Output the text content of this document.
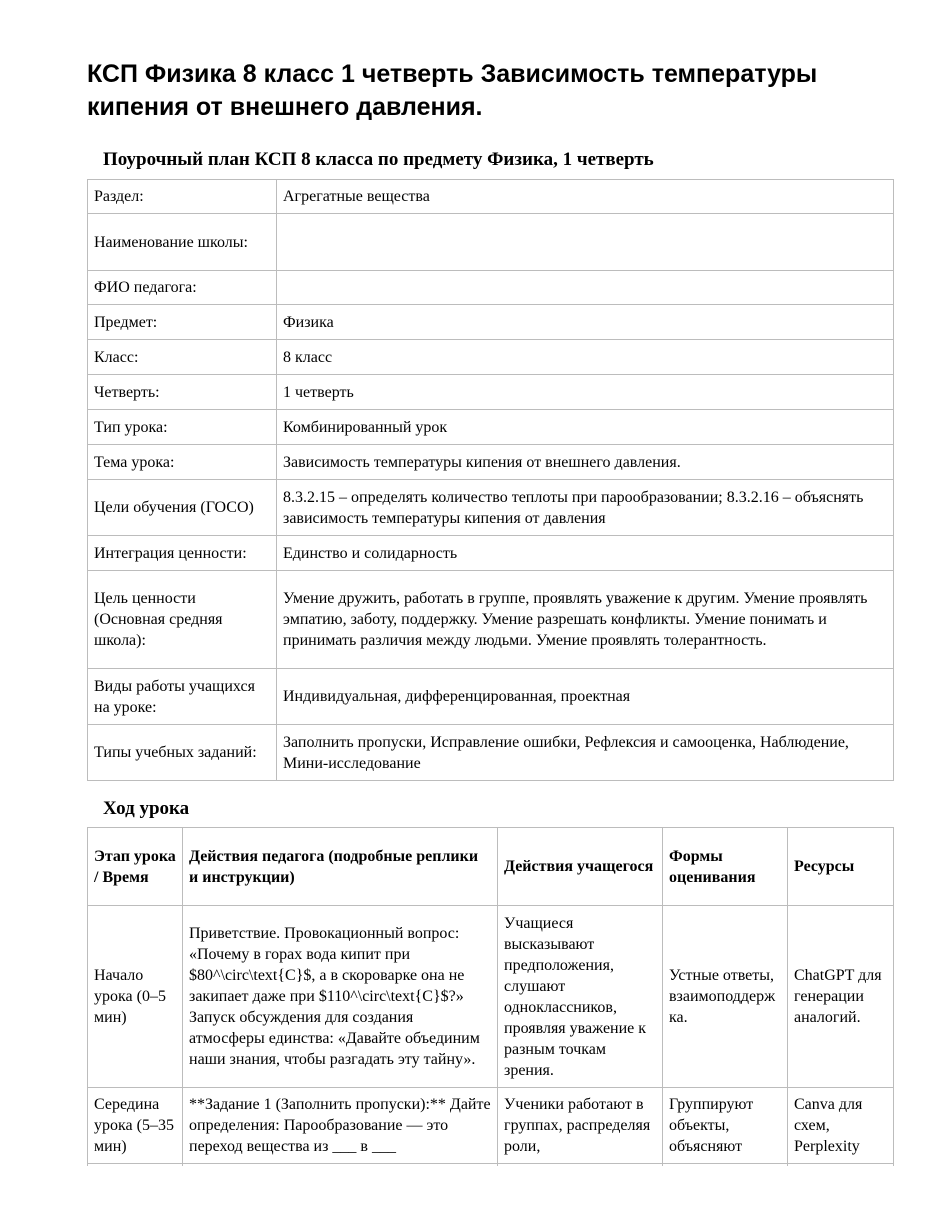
КСП Физика 8 класс 1 четверть Зависимость температуры кипения от внешнего давления.
Поурочный план КСП 8 класса по предмету Физика, 1 четверть
Раздел:	Агрегатные вещества
Наименование школы:	
ФИО педагога:	
Предмет:	Физика
Класс:	8 класс
Четверть:	1 четверть
Тип урока:	Комбинированный урок
Тема урока:	Зависимость температуры кипения от внешнего давления.
Цели обучения (ГОСО)	8.3.2.15 – определять количество теплоты при парообразовании; 8.3.2.16 – объяснять зависимость температуры кипения от давления
Интеграция ценности:	Единство и солидарность
Цель ценности (Основная средняя школа):	Умение дружить, работать в группе, проявлять уважение к другим. Умение проявлять эмпатию, заботу, поддержку. Умение разрешать конфликты. Умение понимать и принимать различия между людьми. Умение проявлять толерантность.
Виды работы учащихся на уроке:	Индивидуальная, дифференцированная, проектная
Типы учебных заданий:	Заполнить пропуски, Исправление ошибки, Рефлексия и самооценка, Наблюдение, Мини-исследование
Ход урока
Этап урока / Время	Действия педагога (подробные реплики и инструкции)	Действия учащегося	Формы оценивания	Ресурсы
Начало урока (0–5 мин)	Приветствие. Провокационный вопрос: «Почему в горах вода кипит при $80^\circ\text{C}$, а в скороварке она не закипает даже при $110^\circ\text{C}$?» Запуск обсуждения для создания атмосферы единства: «Давайте объединим наши знания, чтобы разгадать эту тайну».	Учащиеся высказывают предположения, слушают одноклассников, проявляя уважение к разным точкам зрения.	Устные ответы, взаимоподдержка.	ChatGPT для генерации аналогий.
Середина урока (5–35 мин)	**Задание 1 (Заполнить пропуски):** Дайте определения: Парообразование — это переход вещества из ___ в ___	Ученики работают в группах, распределяя роли,	Группируют объекты, объясняют	Canva для схем, Perplexity
